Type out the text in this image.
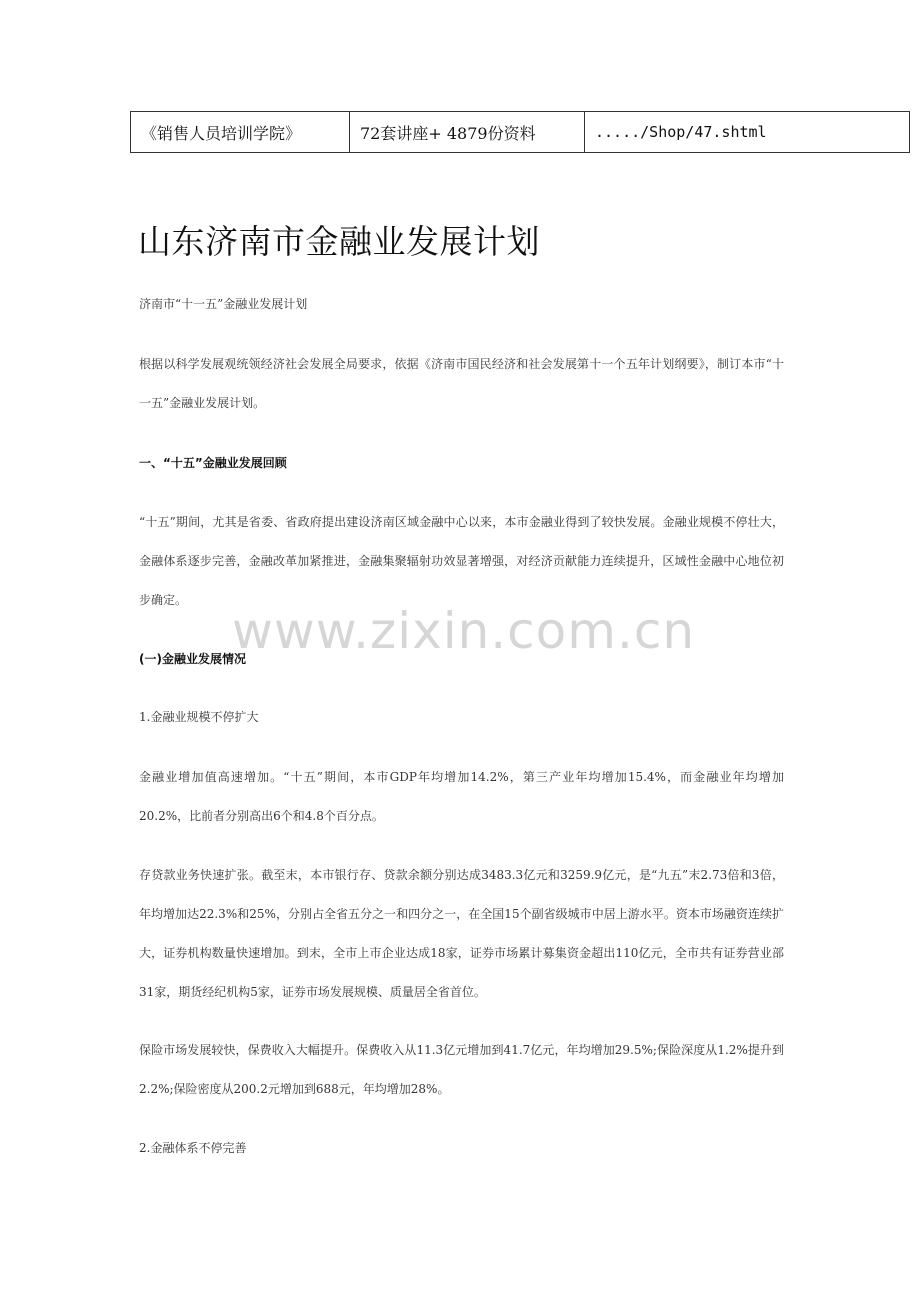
《销售人员培训学院》	72套讲座+ 4879份资料	...../Shop/47.shtml
山东济南市金融业发展计划

济南市“十一五”金融业发展计划

根据以科学发展观统领经济社会发展全局要求，依据《济南市国民经济和社会发展第十一个五年计划纲要》，制订本市“十一五”金融业发展计划。

一、“十五”金融业发展回顾

“十五”期间，尤其是省委、省政府提出建设济南区域金融中心以来，本市金融业得到了较快发展。金融业规模不停壮大，金融体系逐步完善，金融改革加紧推进，金融集聚辐射功效显著增强，对经济贡献能力连续提升，区域性金融中心地位初步确定。

(一)金融业发展情况

1.金融业规模不停扩大

金融业增加值高速增加。“十五”期间，本市GDP年均增加14.2%，第三产业年均增加15.4%，而金融业年均增加20.2%，比前者分别高出6个和4.8个百分点。

存贷款业务快速扩张。截至末，本市银行存、贷款余额分别达成3483.3亿元和3259.9亿元，是“九五”末2.73倍和3倍，年均增加达22.3%和25%，分别占全省五分之一和四分之一，在全国15个副省级城市中居上游水平。资本市场融资连续扩大，证券机构数量快速增加。到末，全市上市企业达成18家，证券市场累计募集资金超出110亿元，全市共有证券营业部31家，期货经纪机构5家，证券市场发展规模、质量居全省首位。

保险市场发展较快，保费收入大幅提升。保费收入从11.3亿元增加到41.7亿元，年均增加29.5%;保险深度从1.2%提升到2.2%;保险密度从200.2元增加到688元，年均增加28%。

2.金融体系不停完善

www.zixin.com.cn
